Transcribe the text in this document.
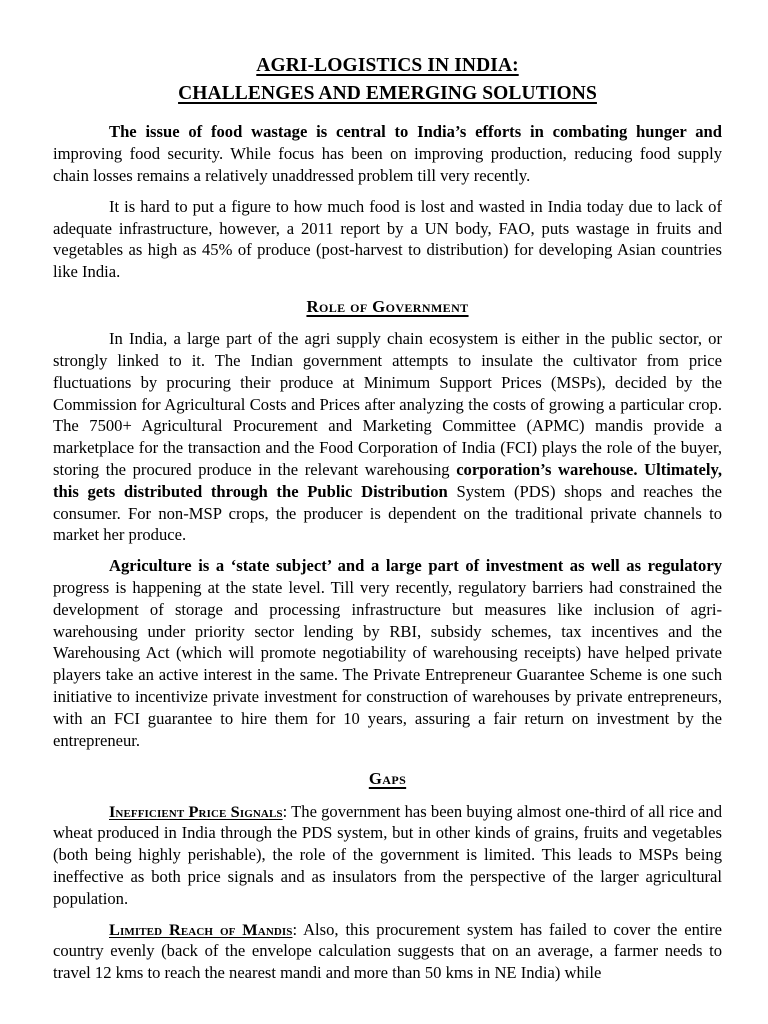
AGRI-LOGISTICS IN INDIA:
CHALLENGES AND EMERGING SOLUTIONS

The issue of food wastage is central to India’s efforts in combating hunger and improving food security. While focus has been on improving production, reducing food supply chain losses remains a relatively unaddressed problem till very recently.

It is hard to put a figure to how much food is lost and wasted in India today due to lack of adequate infrastructure, however, a 2011 report by a UN body, FAO, puts wastage in fruits and vegetables as high as 45% of produce (post-harvest to distribution) for developing Asian countries like India.

Role of Government

In India, a large part of the agri supply chain ecosystem is either in the public sector, or strongly linked to it. The Indian government attempts to insulate the cultivator from price fluctuations by procuring their produce at Minimum Support Prices (MSPs), decided by the Commission for Agricultural Costs and Prices after analyzing the costs of growing a particular crop. The 7500+ Agricultural Procurement and Marketing Committee (APMC) mandis provide a marketplace for the transaction and the Food Corporation of India (FCI) plays the role of the buyer, storing the procured produce in the relevant warehousing corporation’s warehouse. Ultimately, this gets distributed through the Public Distribution System (PDS) shops and reaches the consumer. For non-MSP crops, the producer is dependent on the traditional private channels to market her produce.

Agriculture is a ‘state subject’ and a large part of investment as well as regulatory progress is happening at the state level. Till very recently, regulatory barriers had constrained the development of storage and processing infrastructure but measures like inclusion of agri-warehousing under priority sector lending by RBI, subsidy schemes, tax incentives and the Warehousing Act (which will promote negotiability of warehousing receipts) have helped private players take an active interest in the same. The Private Entrepreneur Guarantee Scheme is one such initiative to incentivize private investment for construction of warehouses by private entrepreneurs, with an FCI guarantee to hire them for 10 years, assuring a fair return on investment by the entrepreneur.

Gaps

Inefficient Price Signals: The government has been buying almost one-third of all rice and wheat produced in India through the PDS system, but in other kinds of grains, fruits and vegetables (both being highly perishable), the role of the government is limited. This leads to MSPs being ineffective as both price signals and as insulators from the perspective of the larger agricultural population.

Limited Reach of Mandis: Also, this procurement system has failed to cover the entire country evenly (back of the envelope calculation suggests that on an average, a farmer needs to travel 12 kms to reach the nearest mandi and more than 50 kms in NE India) while
